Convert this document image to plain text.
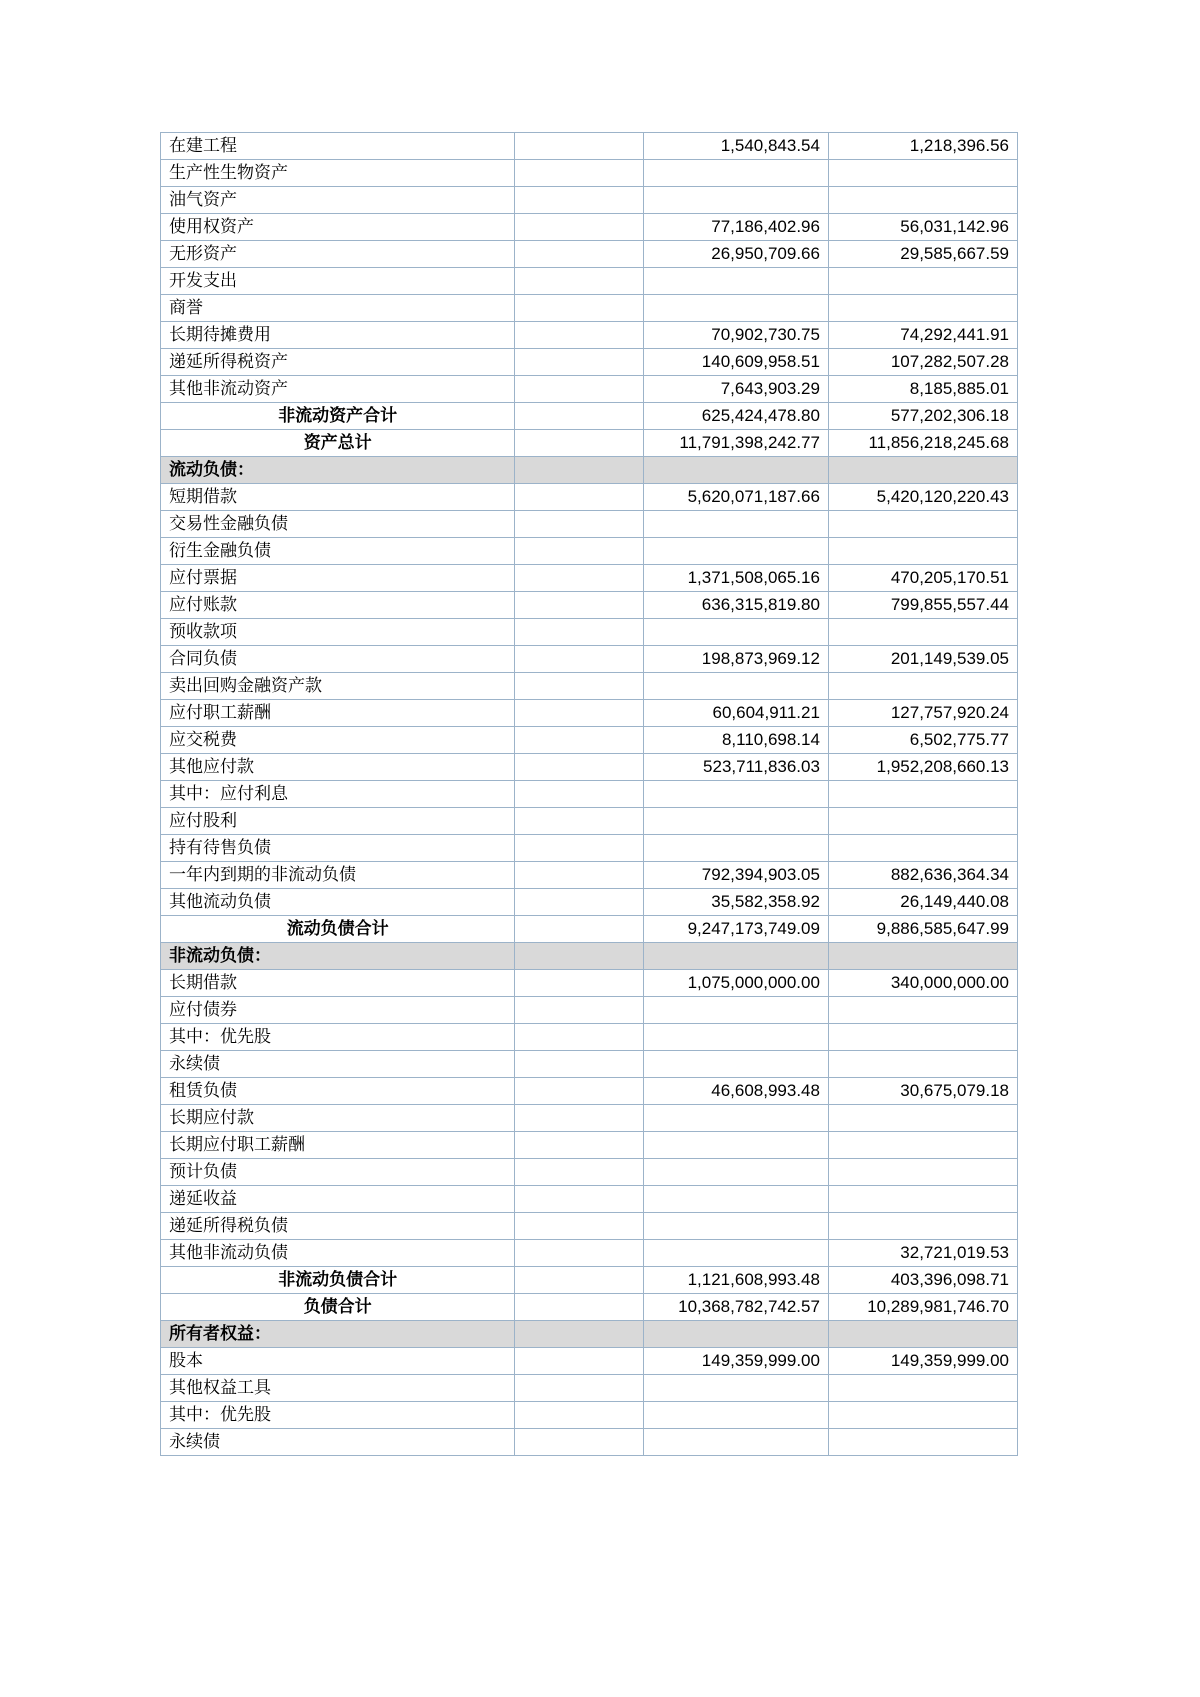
在建工程		1,540,843.54	1,218,396.56
生产性生物资产			
油气资产			
使用权资产		77,186,402.96	56,031,142.96
无形资产		26,950,709.66	29,585,667.59
开发支出			
商誉			
长期待摊费用		70,902,730.75	74,292,441.91
递延所得税资产		140,609,958.51	107,282,507.28
其他非流动资产		7,643,903.29	8,185,885.01
非流动资产合计		625,424,478.80	577,202,306.18
资产总计		11,791,398,242.77	11,856,218,245.68
流动负债：			
短期借款		5,620,071,187.66	5,420,120,220.43
交易性金融负债			
衍生金融负债			
应付票据		1,371,508,065.16	470,205,170.51
应付账款		636,315,819.80	799,855,557.44
预收款项			
合同负债		198,873,969.12	201,149,539.05
卖出回购金融资产款			
应付职工薪酬		60,604,911.21	127,757,920.24
应交税费		8,110,698.14	6,502,775.77
其他应付款		523,711,836.03	1,952,208,660.13
其中：应付利息			
应付股利			
持有待售负债			
一年内到期的非流动负债		792,394,903.05	882,636,364.34
其他流动负债		35,582,358.92	26,149,440.08
流动负债合计		9,247,173,749.09	9,886,585,647.99
非流动负债：			
长期借款		1,075,000,000.00	340,000,000.00
应付债券			
其中：优先股			
永续债			
租赁负债		46,608,993.48	30,675,079.18
长期应付款			
长期应付职工薪酬			
预计负债			
递延收益			
递延所得税负债			
其他非流动负债			32,721,019.53
非流动负债合计		1,121,608,993.48	403,396,098.71
负债合计		10,368,782,742.57	10,289,981,746.70
所有者权益：			
股本		149,359,999.00	149,359,999.00
其他权益工具			
其中：优先股			
永续债			
